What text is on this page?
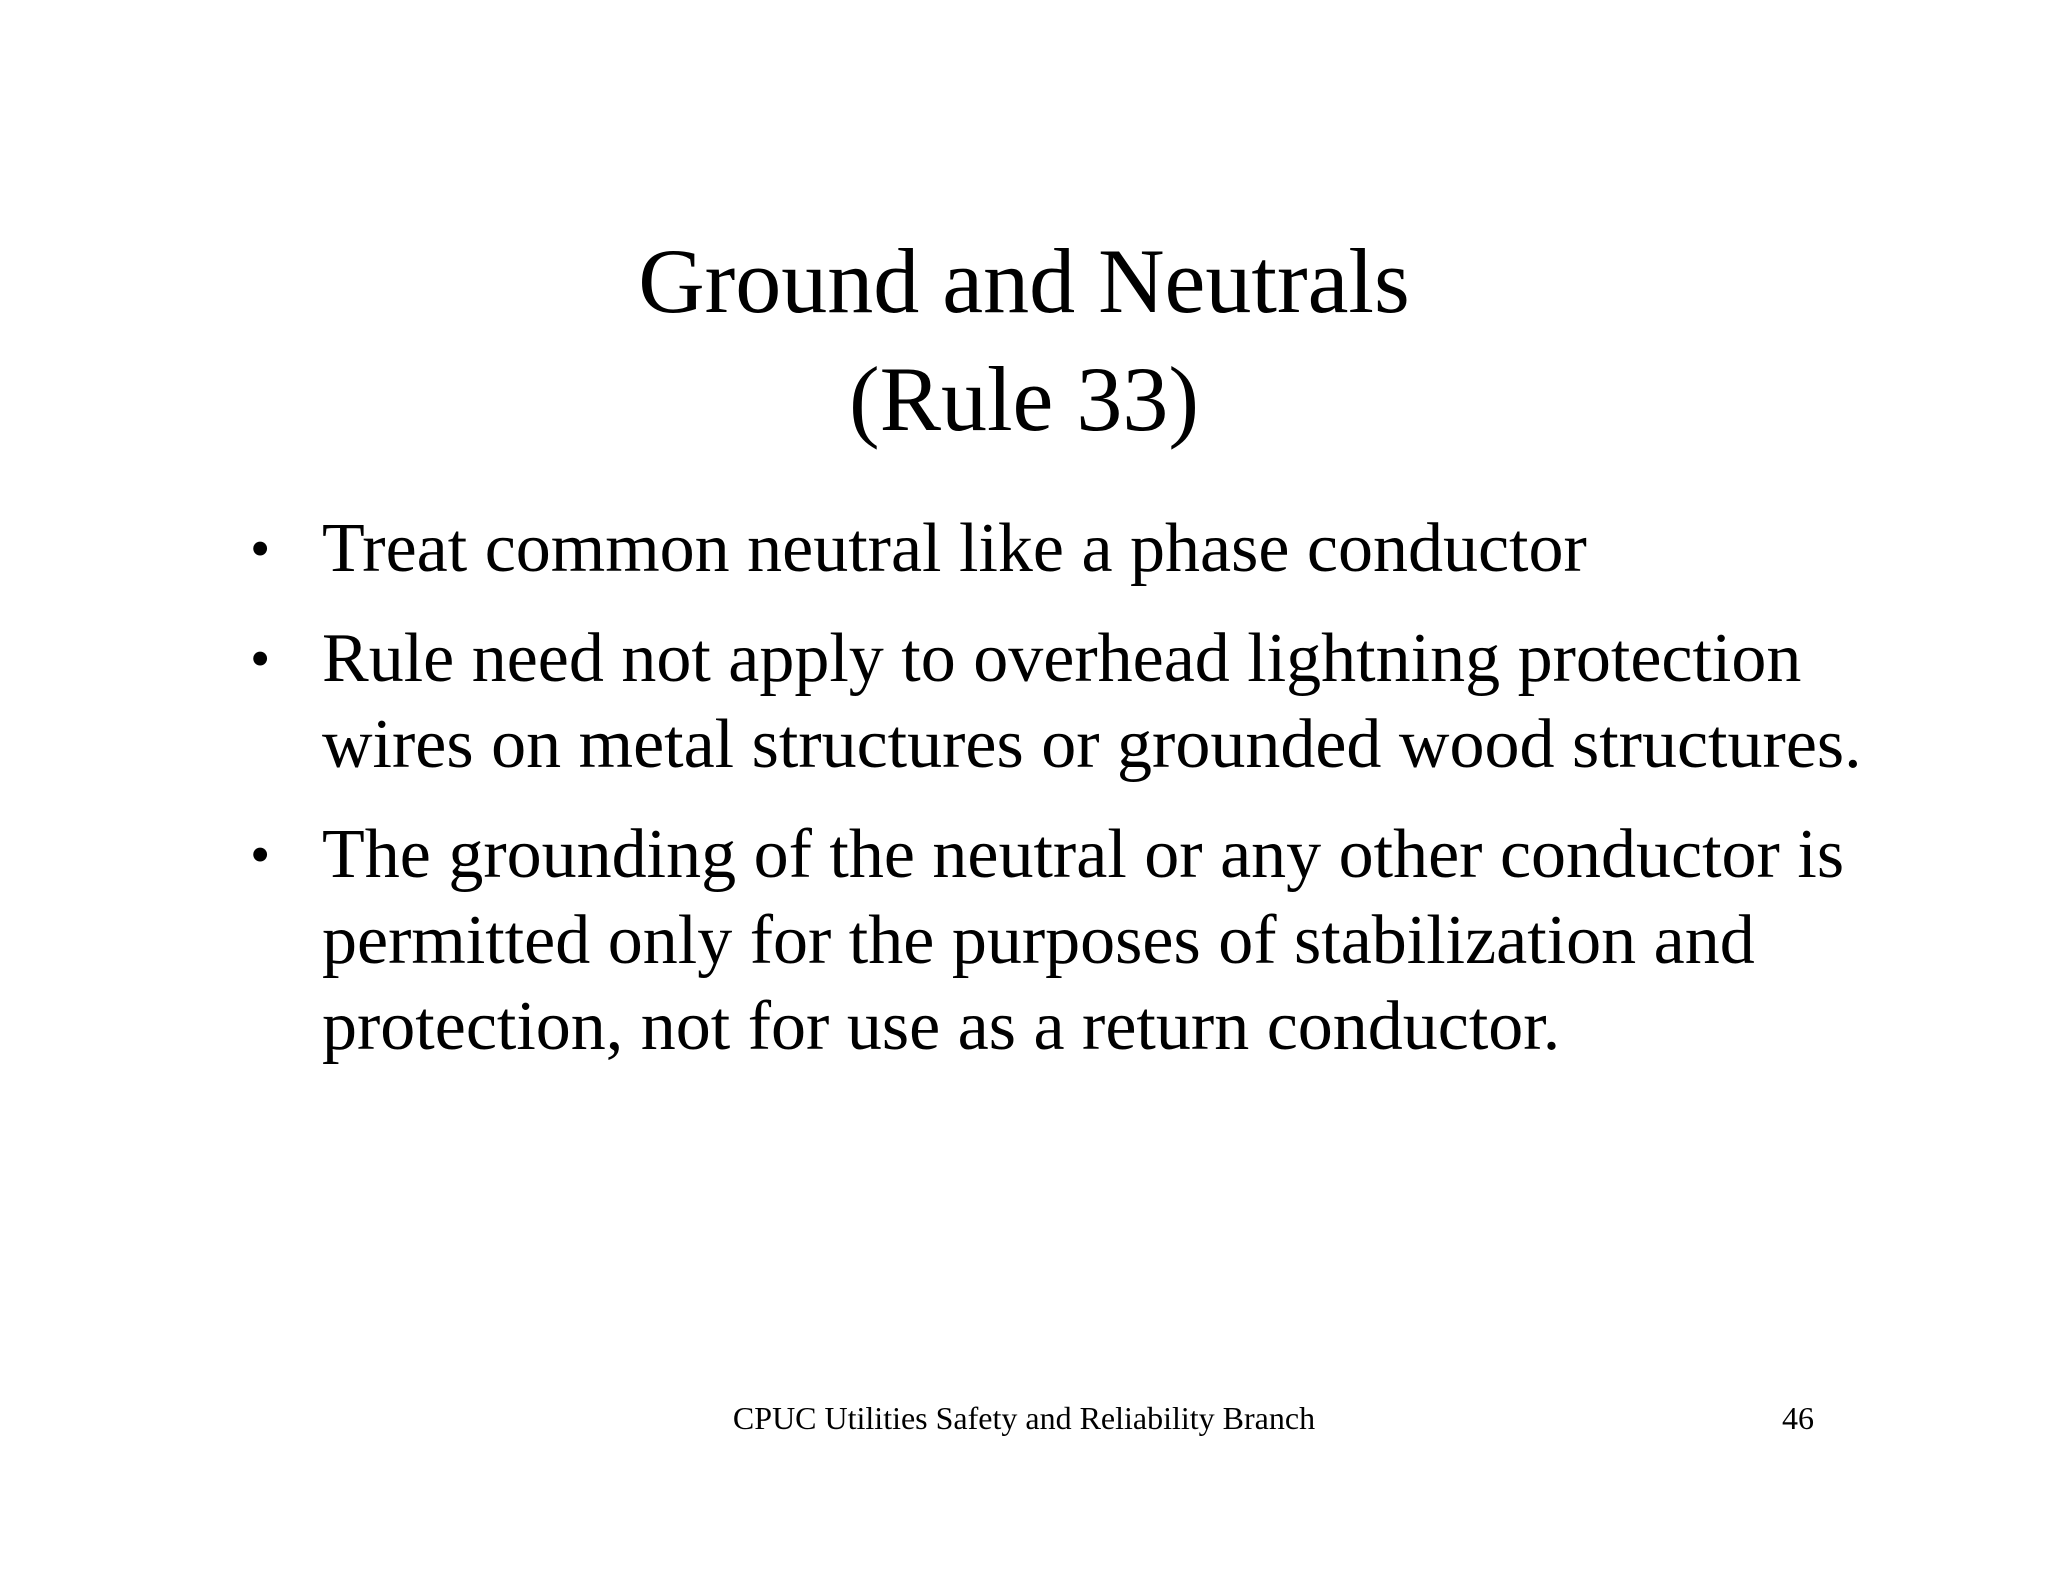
Ground and Neutrals
(Rule 33)
• Treat common neutral like a phase conductor
• Rule need not apply to overhead lightning protection wires on metal structures or grounded wood structures.
• The grounding of the neutral or any other conductor is permitted only for the purposes of stabilization and protection, not for use as a return conductor.
CPUC Utilities Safety and Reliability Branch	46
